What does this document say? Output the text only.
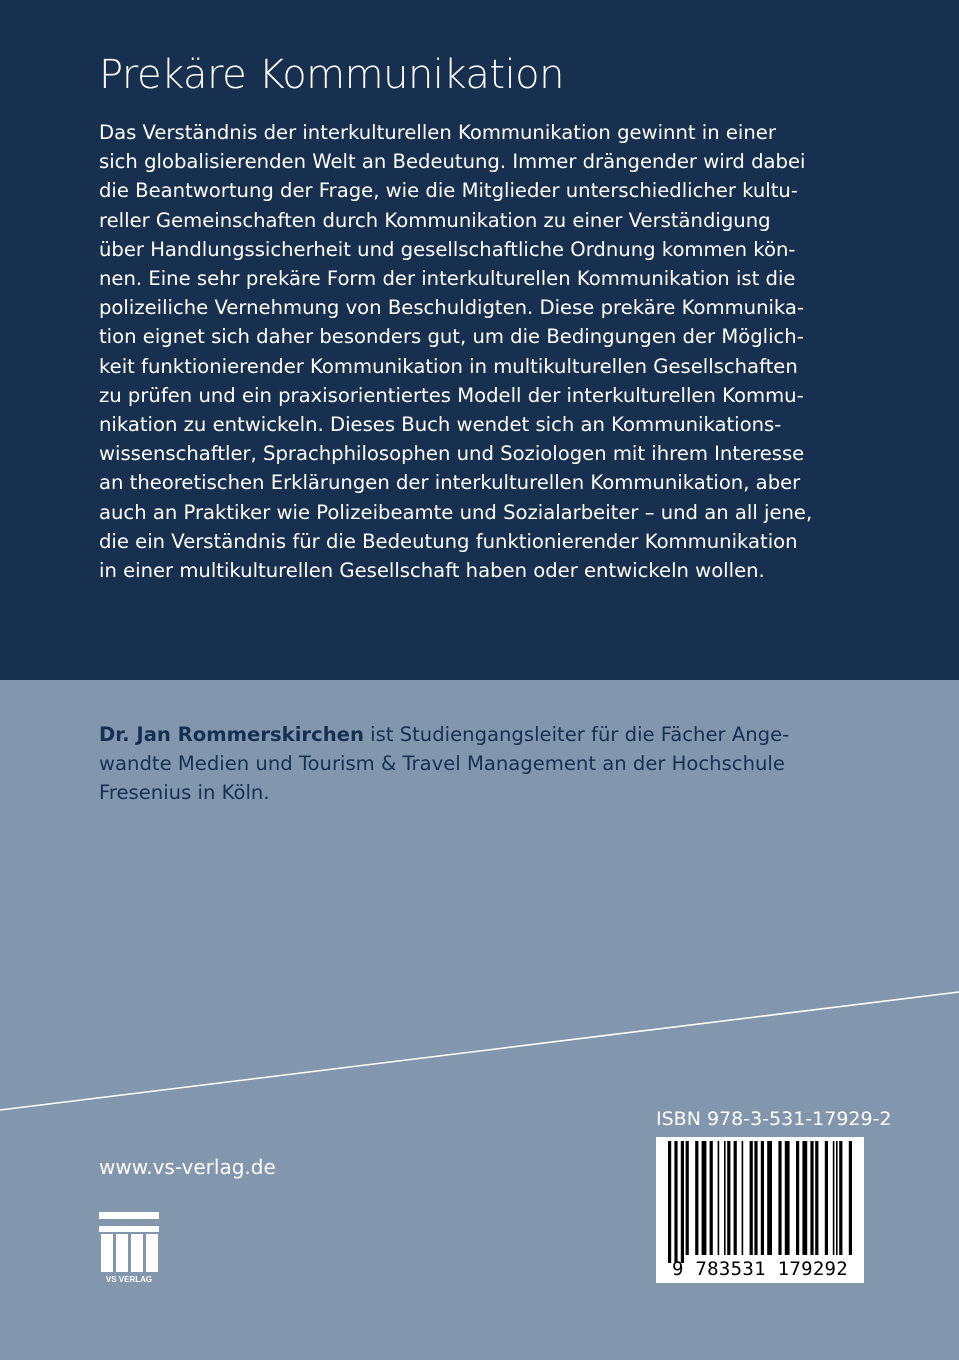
Prekäre Kommunikation
Das Verständnis der interkulturellen Kommunikation gewinnt in einer
sich globalisierenden Welt an Bedeutung. Immer drängender wird dabei
die Beantwortung der Frage, wie die Mitglieder unterschiedlicher kultu-
reller Gemeinschaften durch Kommunikation zu einer Verständigung
über Handlungssicherheit und gesellschaftliche Ordnung kommen kön-
nen. Eine sehr prekäre Form der interkulturellen Kommunikation ist die
polizeiliche Vernehmung von Beschuldigten. Diese prekäre Kommunika-
tion eignet sich daher besonders gut, um die Bedingungen der Möglich-
keit funktionierender Kommunikation in multikulturellen Gesellschaften
zu prüfen und ein praxisorientiertes Modell der interkulturellen Kommu-
nikation zu entwickeln. Dieses Buch wendet sich an Kommunikations-
wissenschaftler, Sprachphilosophen und Soziologen mit ihrem Interesse
an theoretischen Erklärungen der interkulturellen Kommunikation, aber
auch an Praktiker wie Polizeibeamte und Sozialarbeiter – und an all jene,
die ein Verständnis für die Bedeutung funktionierender Kommunikation
in einer multikulturellen Gesellschaft haben oder entwickeln wollen.
Dr. Jan Rommerskirchen ist Studiengangsleiter für die Fächer Ange-
wandte Medien und Tourism & Travel Management an der Hochschule
Fresenius in Köln.
ISBN 978-3-531-17929-2
9 783531 179292
www.vs-verlag.de
VS VERLAG
